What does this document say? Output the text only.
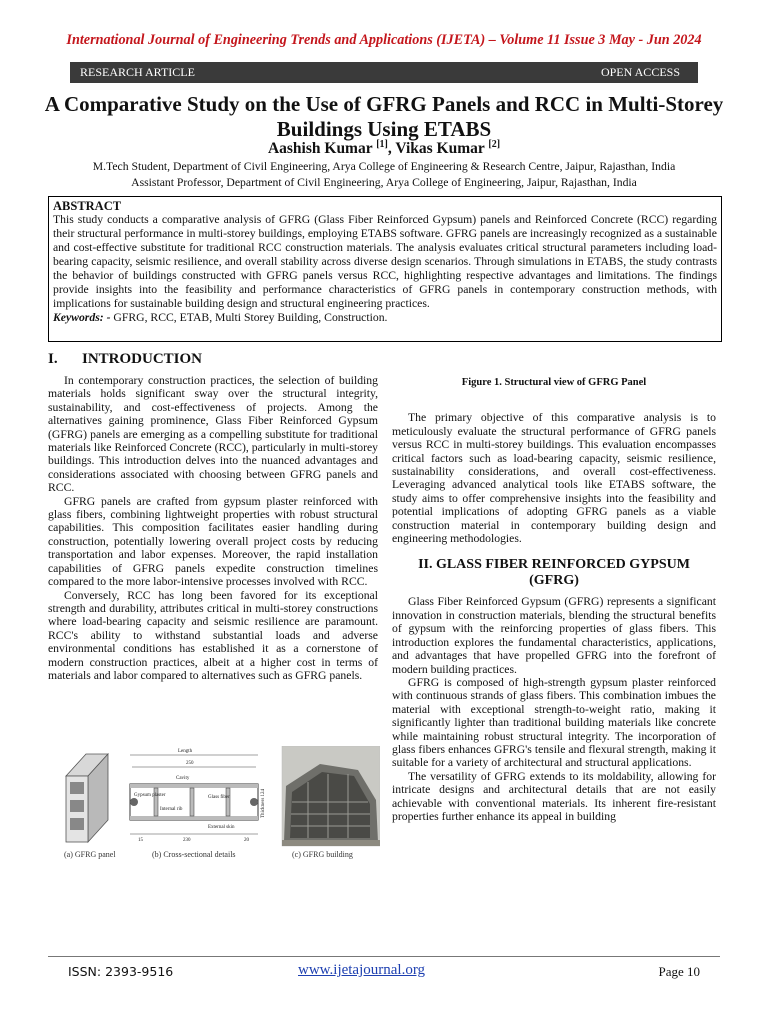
International Journal of Engineering Trends and Applications (IJETA) – Volume 11 Issue 3 May - Jun 2024
RESEARCH ARTICLE	OPEN ACCESS
A Comparative Study on the Use of GFRG Panels and RCC in Multi-Storey Buildings Using ETABS
Aashish Kumar [1], Vikas Kumar [2]
M.Tech Student, Department of Civil Engineering, Arya College of Engineering & Research Centre, Jaipur, Rajasthan, India
Assistant Professor, Department of Civil Engineering, Arya College of Engineering, Jaipur, Rajasthan, India
ABSTRACT
This study conducts a comparative analysis of GFRG (Glass Fiber Reinforced Gypsum) panels and Reinforced Concrete (RCC) regarding their structural performance in multi-storey buildings, employing ETABS software. GFRG panels are increasingly recognized as a sustainable and cost-effective substitute for traditional RCC construction materials. The analysis evaluates critical structural parameters including load-bearing capacity, seismic resilience, and overall stability across diverse design scenarios. Through simulations in ETABS, the study contrasts the behavior of buildings constructed with GFRG panels versus RCC, highlighting respective advantages and limitations. The findings provide insights into the feasibility and performance characteristics of GFRG panels in contemporary construction methods, with implications for sustainable building design and structural engineering practices.
Keywords: - GFRG, RCC, ETAB, Multi Storey Building, Construction.
I. INTRODUCTION

In contemporary construction practices, the selection of building materials holds significant sway over the structural integrity, sustainability, and cost-effectiveness of projects. Among the alternatives gaining prominence, Glass Fiber Reinforced Gypsum (GFRG) panels are emerging as a compelling substitute for traditional materials like Reinforced Concrete (RCC), particularly in multi-storey buildings. This introduction delves into the nuanced advantages and considerations associated with choosing between GFRG panels and RCC.

GFRG panels are crafted from gypsum plaster reinforced with glass fibers, combining lightweight properties with robust structural capabilities. This composition facilitates easier handling during construction, potentially lowering overall project costs by reducing transportation and labor expenses. Moreover, the rapid installation capabilities of GFRG panels expedite construction timelines compared to the more labor-intensive processes involved with RCC.

Conversely, RCC has long been favored for its exceptional strength and durability, attributes critical in multi-storey constructions where load-bearing capacity and seismic resilience are paramount. RCC's ability to withstand substantial loads and adverse environmental conditions has established it as a cornerstone of modern construction practices, albeit at a higher cost in terms of materials and labor compared to alternatives such as GFRG panels.

Length
250
Cavity
Gypsum plaster	Glass fiber
Internal rib
External skin
15	230	20
Thickness 124
(a) GFRG panel	(b) Cross-sectional details	(c) GFRG building
Figure 1. Structural view of GFRG Panel

The primary objective of this comparative analysis is to meticulously evaluate the structural performance of GFRG panels versus RCC in multi-storey buildings. This evaluation encompasses critical factors such as load-bearing capacity, seismic resilience, sustainability considerations, and overall cost-effectiveness. Leveraging advanced analytical tools like ETABS software, the study aims to offer comprehensive insights into the feasibility and potential implications of adopting GFRG panels as a viable construction material in contemporary building design and engineering methodologies.

II. GLASS FIBER REINFORCED GYPSUM (GFRG)

Glass Fiber Reinforced Gypsum (GFRG) represents a significant innovation in construction materials, blending the structural benefits of gypsum with the reinforcing properties of glass fibers. This introduction explores the fundamental characteristics, applications, and advantages that have propelled GFRG into the forefront of modern building practices.

GFRG is composed of high-strength gypsum plaster reinforced with continuous strands of glass fibers. This combination imbues the material with exceptional strength-to-weight ratio, making it significantly lighter than traditional building materials like concrete while maintaining robust structural integrity. The incorporation of glass fibers enhances GFRG's tensile and flexural strength, making it suitable for a variety of architectural and structural applications.

The versatility of GFRG extends to its moldability, allowing for intricate designs and architectural details that are not easily achievable with conventional materials. Its inherent fire-resistant properties further enhance its appeal in building

ISSN: 2393-9516	www.ijetajournal.org	Page 10
